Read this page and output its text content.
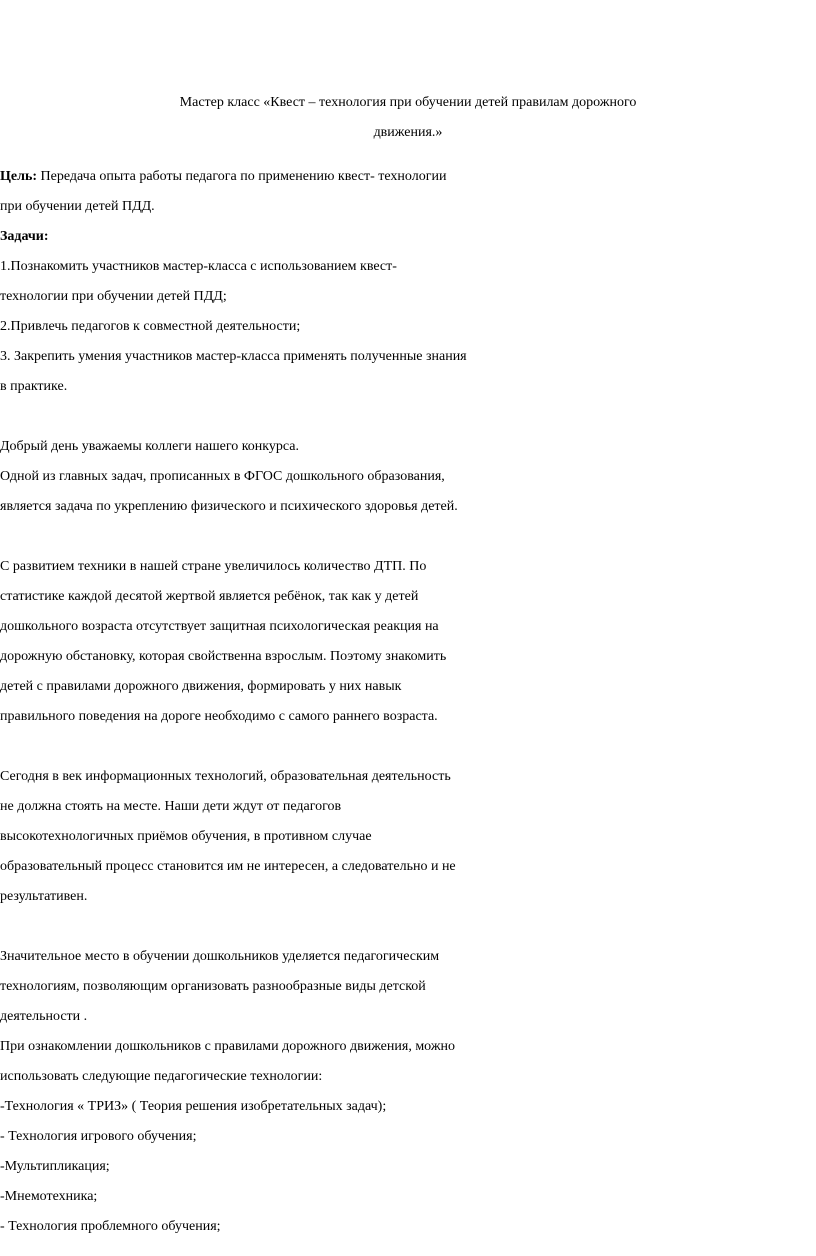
Мастер класс «Квест – технология при обучении детей правилам дорожного
движения.»
Цель: Передача опыта работы педагога по применению квест- технологии
при обучении детей ПДД.
Задачи:
1.Познакомить участников мастер-класса с использованием квест-
технологии при обучении детей ПДД;
2.Привлечь педагогов к совместной деятельности;
3. Закрепить умения участников мастер-класса применять полученные знания
в практике.
Добрый день уважаемы коллеги нашего конкурса.
Одной из главных задач, прописанных в ФГОС дошкольного образования,
является задача по укреплению физического и психического здоровья детей.
С развитием техники в нашей стране увеличилось количество ДТП. По
статистике каждой десятой жертвой является ребёнок, так как у детей
дошкольного возраста отсутствует защитная психологическая реакция на
дорожную обстановку, которая свойственна взрослым. Поэтому знакомить
детей с правилами дорожного движения, формировать у них навык
правильного поведения на дороге необходимо с самого раннего возраста.
Сегодня в век информационных технологий, образовательная деятельность
не должна стоять на месте. Наши дети ждут от педагогов
высокотехнологичных приёмов обучения, в противном случае
образовательный процесс становится им не интересен, а следовательно и не
результативен.
Значительное место в обучении дошкольников уделяется педагогическим
технологиям, позволяющим организовать разнообразные виды детской
деятельности .
При ознакомлении дошкольников с правилами дорожного движения, можно
использовать следующие педагогические технологии:
-Технология « ТРИЗ» ( Теория решения изобретательных задач);
- Технология игрового обучения;
-Мультипликация;
-Мнемотехника;
- Технология проблемного обучения;
